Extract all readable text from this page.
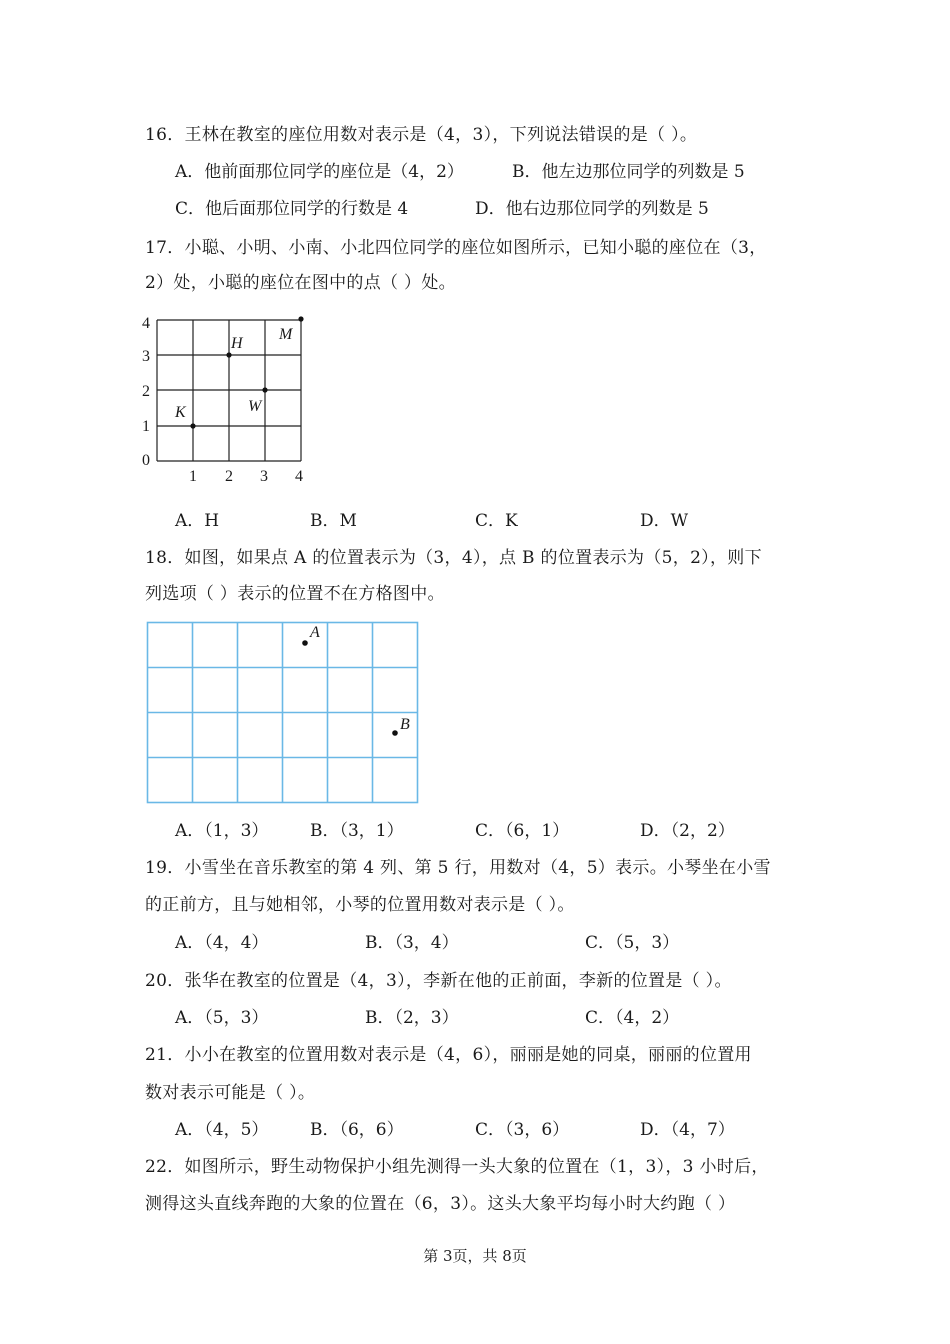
16．王林在教室的座位用数对表示是（4，3），下列说法错误的是（ ）。
A．他前面那位同学的座位是（4，2）	B．他左边那位同学的列数是 5
C．他后面那位同学的行数是 4	D．他右边那位同学的列数是 5
17．小聪、小明、小南、小北四位同学的座位如图所示，已知小聪的座位在（3，
2）处，小聪的座位在图中的点（ ）处。
4
3
2
1
0
1 2 3 4
M
H
W
K
A．H	B．M	C．K	D．W
18．如图，如果点 A 的位置表示为（3，4），点 B 的位置表示为（5，2），则下
列选项（ ）表示的位置不在方格图中。
A
B
A．（1，3） B．（3，1）	C．（6，1）	D．（2，2）
19．小雪坐在音乐教室的第 4 列、第 5 行，用数对（4，5）表示。小琴坐在小雪
的正前方，且与她相邻，小琴的位置用数对表示是（ ）。
A．（4，4）	B．（3，4）	C．（5，3）
20．张华在教室的位置是（4，3），李新在他的正前面，李新的位置是（ ）。
A．（5，3）	B．（2，3）	C．（4，2）
21．小小在教室的位置用数对表示是（4，6），丽丽是她的同桌，丽丽的位置用
数对表示可能是（ ）。
A．（4，5） B．（6，6）	C．（3，6）	D．（4，7）
22．如图所示，野生动物保护小组先测得一头大象的位置在（1，3），3 小时后，
测得这头直线奔跑的大象的位置在（6，3）。这头大象平均每小时大约跑（ ）
第 3页，共 8页
